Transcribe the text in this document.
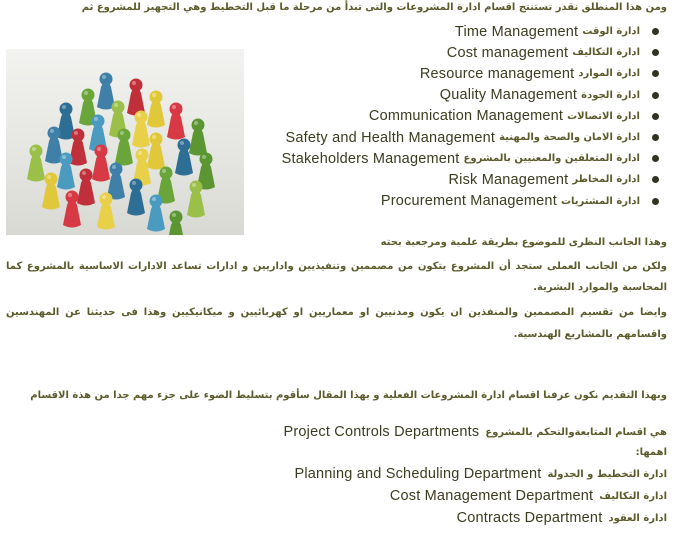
ومن هذا المنطلق نقدر تستنتج اقسام ادارة المشروعات والتى تبدأ من مرحلة ما قبل التخطيط وهي التجهيز للمشروع ثم
ادارة الوقت
Time Management
ادارة التكاليف
Cost management
ادارة الموارد
Resource management
ادارة الجودة
Quality Management
ادارة الاتصالات
Communication Management
ادارة الامان والصحة والمهنية
Safety and Health Management
ادارة المتعلقين والمعنيين بالمشروع
Stakeholders Management
ادارة المخاطر
Risk Management
ادارة المشتريات
Procurement Management
وهذا الجانب النظرى للموضوع بطريقة علمية ومرجعية بحته
ولكن من الجانب العملى ستجد أن المشروع يتكون من مصممين وتنفيذيين واداريين و ادارات تساعد الادارات الاساسية بالمشروع كما المحاسبة والموارد البشرية.
وايضا من تقسيم المصممين والمنفذين ان يكون ومدنيين او معماريين او كهربائيين و ميكانيكيين وهذا فى حديثنا عن المهندسين واقسامهم بالمشاريع الهندسية.
وبهذا التقديم نكون عرفنا اقسام ادارة المشروعات الفعلية و بهذا المقال سأقوم بتسليط الضوء على جزء مهم جدا من هذة الاقسام
هي اقسام المتابعةوالتحكم بالمشروع
Project Controls Departments
اهمها:
ادارة التخطيط و الجدولة
Planning and Scheduling Department
ادارة التكاليف
Cost Management Department
ادارة العقود
Contracts Department
